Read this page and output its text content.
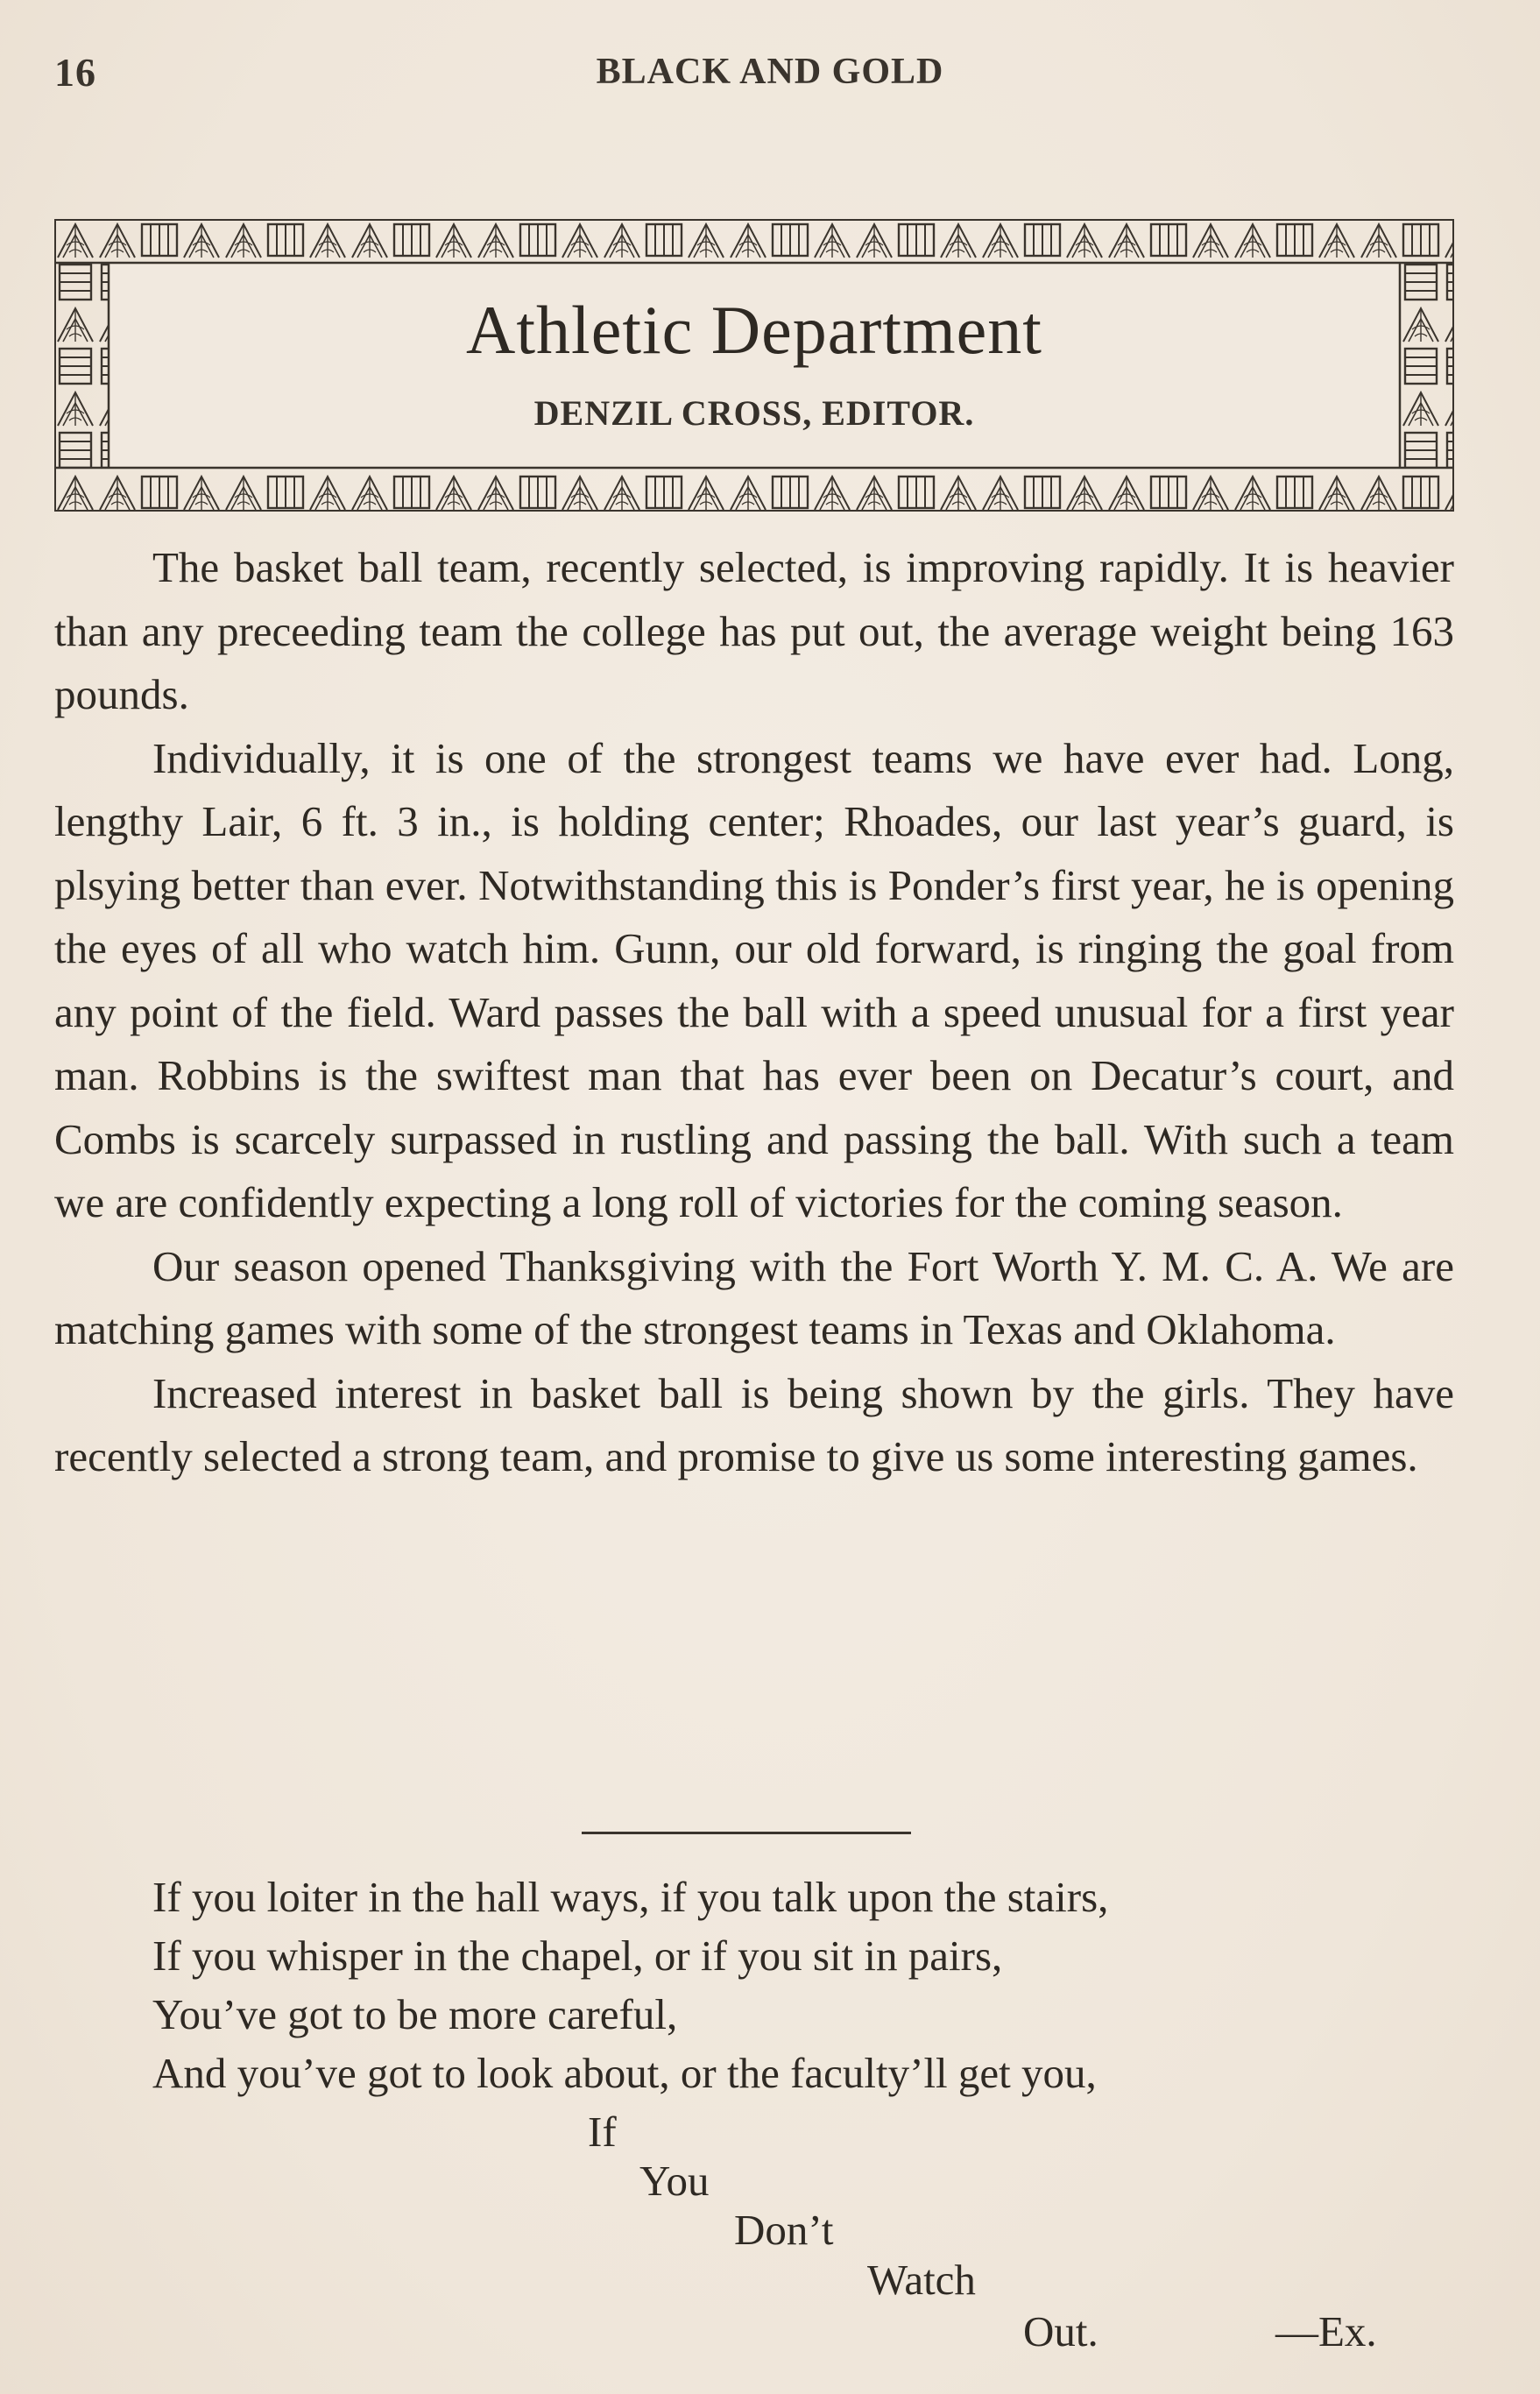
16	BLACK AND GOLD
Athletic Department
DENZIL CROSS, EDITOR.

The basket ball team, recently selected, is improving rapidly. It is heavier than any preceeding team the college has put out, the average weight being 163 pounds.

Individually, it is one of the strongest teams we have ever had. Long, lengthy Lair, 6 ft. 3 in., is holding center; Rhoades, our last year’s guard, is plsying better than ever. Notwithstanding this is Ponder’s first year, he is opening the eyes of all who watch him. Gunn, our old forward, is ringing the goal from any point of the field. Ward passes the ball with a speed unusual for a first year man. Robbins is the swiftest man that has ever been on Decatur’s court, and Combs is scarcely surpassed in rustling and passing the ball. With such a team we are confidently expecting a long roll of victories for the coming season.

Our season opened Thanksgiving with the Fort Worth Y. M. C. A. We are matching games with some of the strongest teams in Texas and Oklahoma.

Increased interest in basket ball is being shown by the girls. They have recently selected a strong team, and promise to give us some interesting games.

If you loiter in the hall ways, if you talk upon the stairs,
If you whisper in the chapel, or if you sit in pairs,
You’ve got to be more careful,
And you’ve got to look about, or the faculty’ll get you,
If
You
Don’t
Watch
Out.	—Ex.
